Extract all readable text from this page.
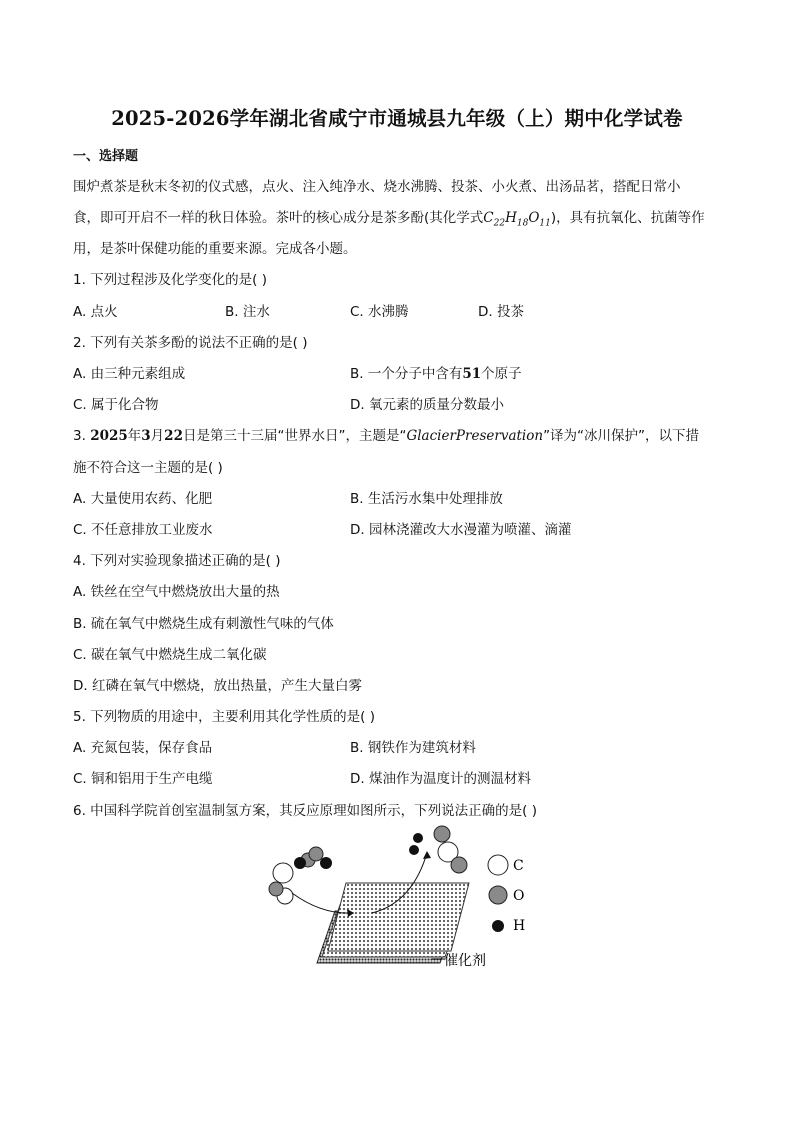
2025-2026学年湖北省咸宁市通城县九年级（上）期中化学试卷
一、选择题
围炉煮茶是秋末冬初的仪式感，点火、注入纯净水、烧水沸腾、投茶、小火煮、出汤品茗，搭配日常小
食，即可开启不一样的秋日体验。茶叶的核心成分是茶多酚(其化学式$C_{22}H_{18}O_{11}$)，具有抗氧化、抗菌等作
用，是茶叶保健功能的重要来源。完成各小题。
1. 下列过程涉及化学变化的是( )
A. 点火	B. 注水	C. 水沸腾	D. 投茶
2. 下列有关茶多酚的说法不正确的是( )
A. 由三种元素组成	B. 一个分子中含有51个原子
C. 属于化合物	D. 氧元素的质量分数最小
3. 2025年3月22日是第三十三届“世界水日”，主题是“GlacierPreservation”译为“冰川保护”，以下措
施不符合这一主题的是( )
A. 大量使用农药、化肥	B. 生活污水集中处理排放
C. 不任意排放工业废水	D. 园林浇灌改大水漫灌为喷灌、滴灌
4. 下列对实验现象描述正确的是( )
A. 铁丝在空气中燃烧放出大量的热
B. 硫在氧气中燃烧生成有刺激性气味的气体
C. 碳在氧气中燃烧生成二氧化碳
D. 红磷在氧气中燃烧，放出热量，产生大量白雾
5. 下列物质的用途中，主要利用其化学性质的是( )
A. 充氮包装，保存食品	B. 钢铁作为建筑材料
C. 铜和铝用于生产电缆	D. 煤油作为温度计的测温材料
6. 中国科学院首创室温制氢方案，其反应原理如图所示，下列说法正确的是( )
催化剂
C
O
H
